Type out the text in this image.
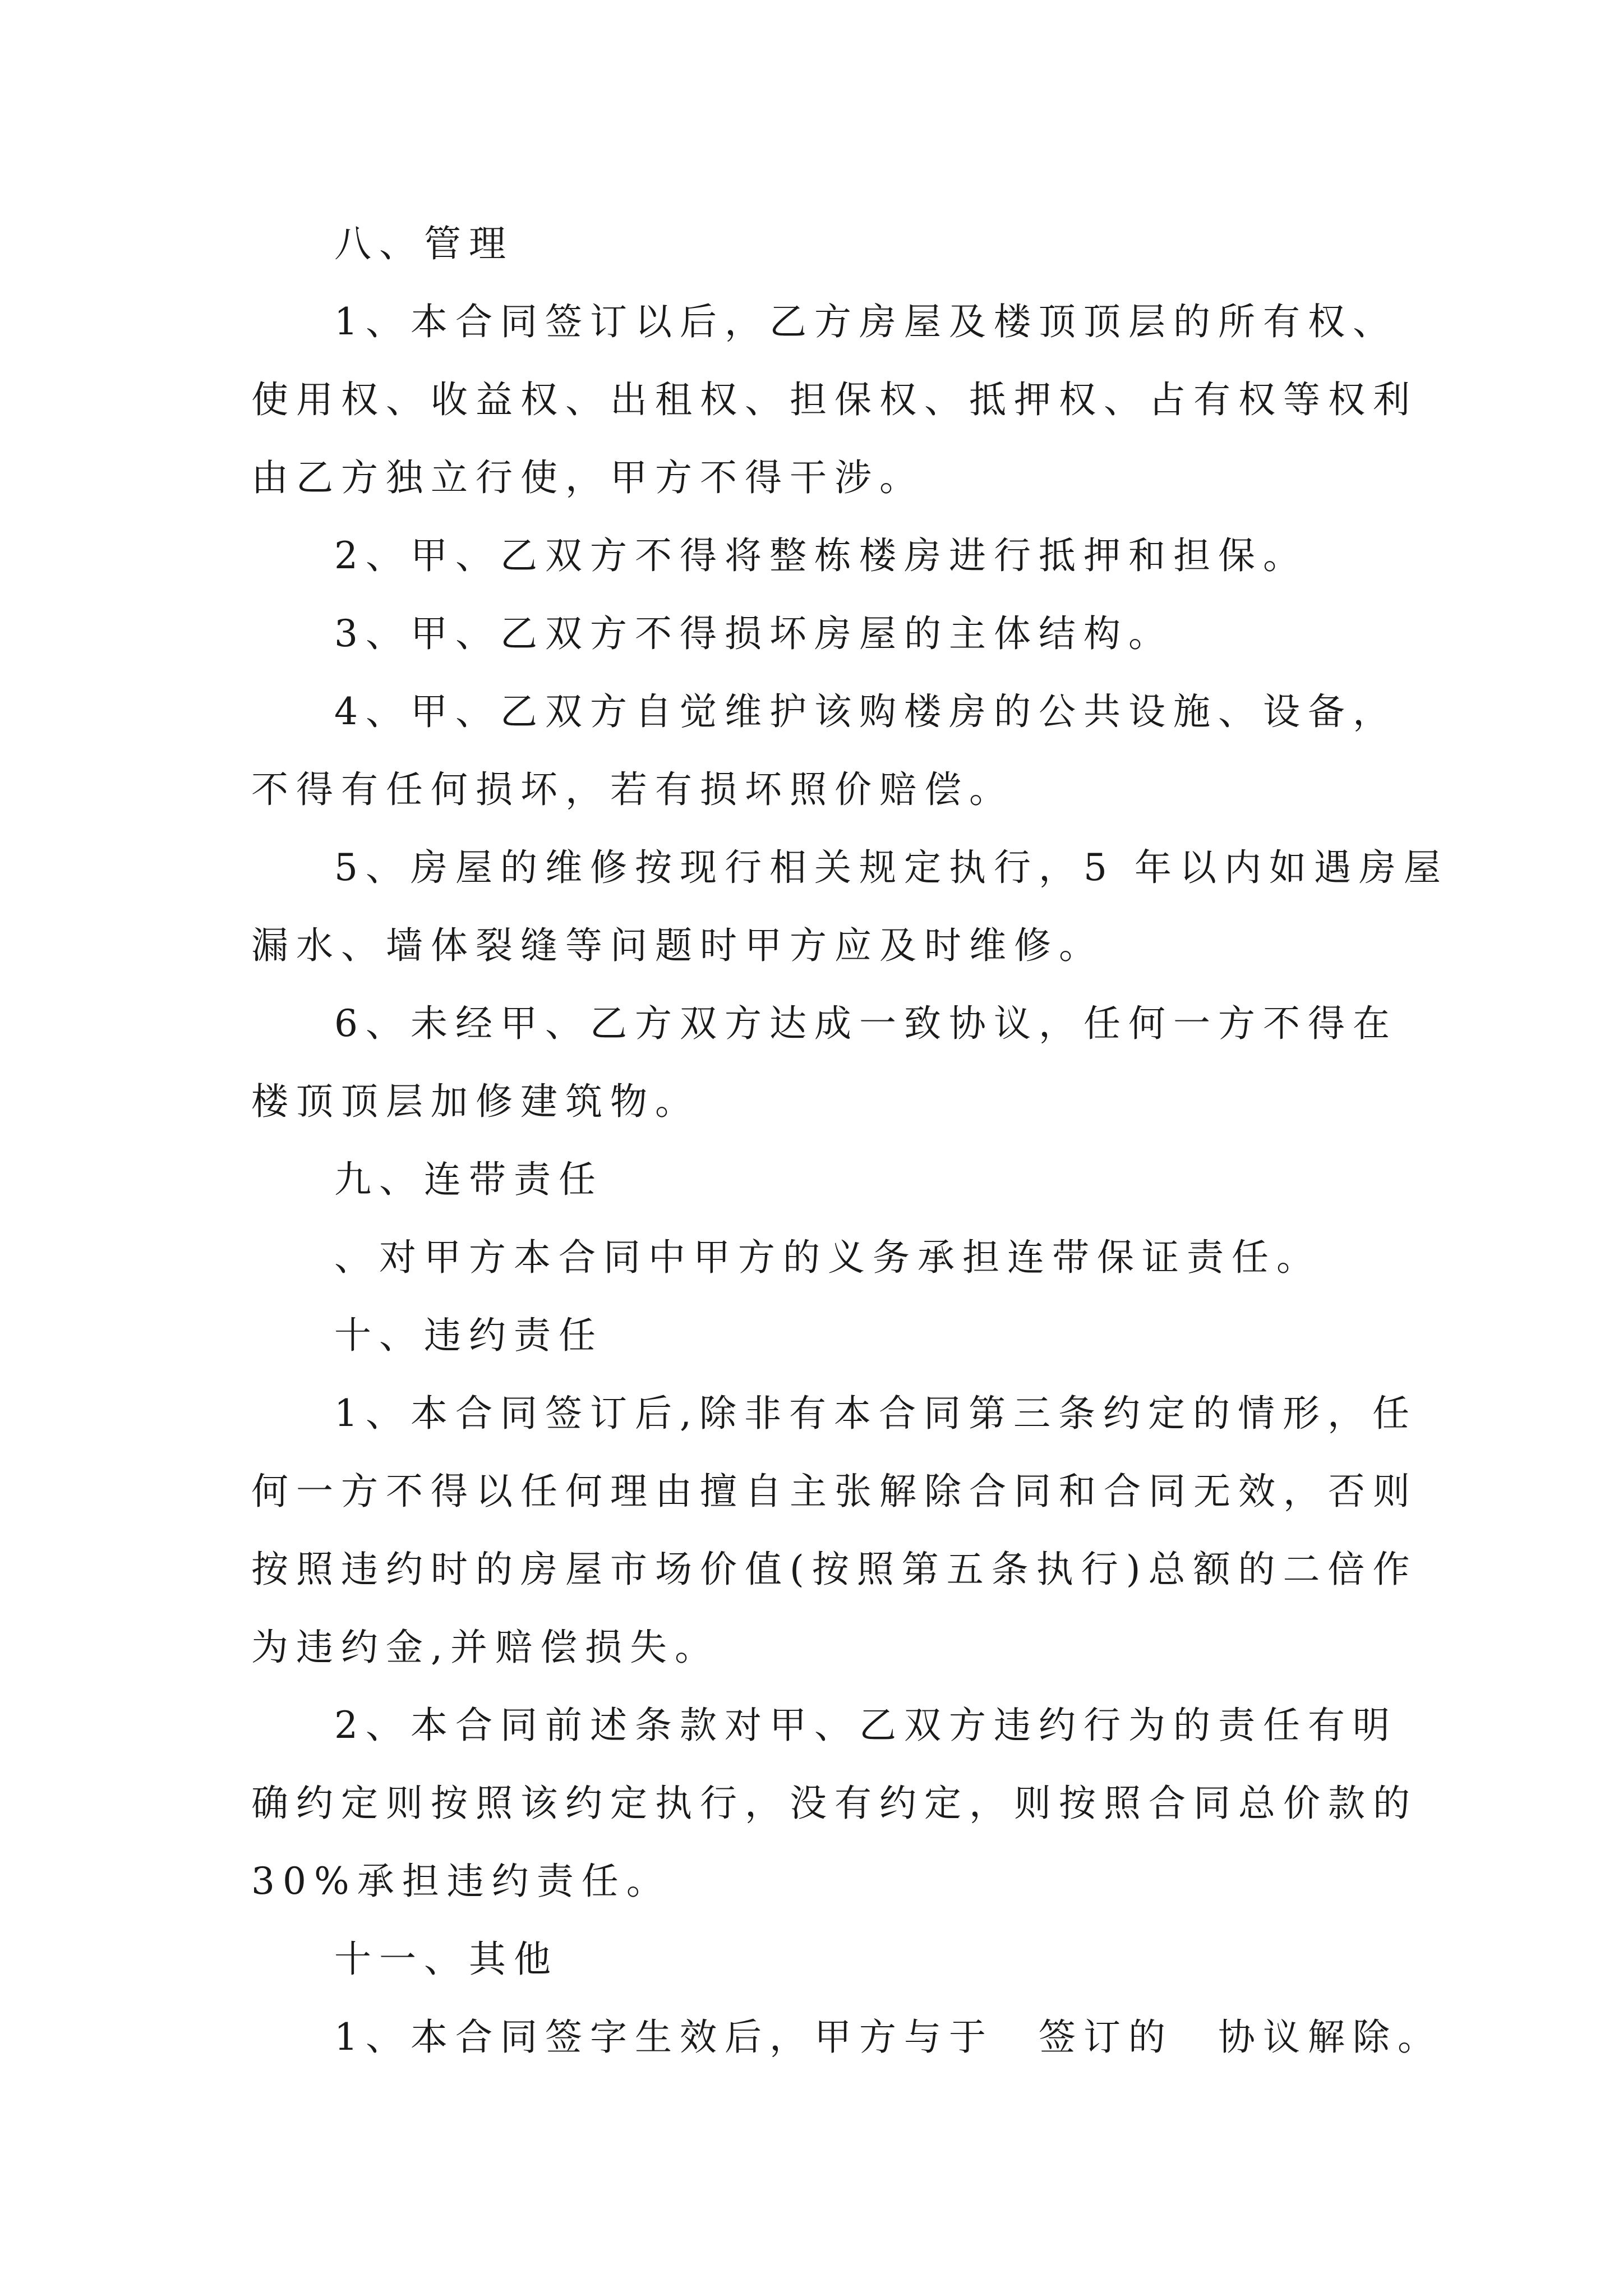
八、管理
1、本合同签订以后，乙方房屋及楼顶顶层的所有权、
使用权、收益权、出租权、担保权、抵押权、占有权等权利
由乙方独立行使，甲方不得干涉。
2、甲、乙双方不得将整栋楼房进行抵押和担保。
3、甲、乙双方不得损坏房屋的主体结构。
4、甲、乙双方自觉维护该购楼房的公共设施、设备，
不得有任何损坏，若有损坏照价赔偿。
5、房屋的维修按现行相关规定执行，5 年以内如遇房屋
漏水、墙体裂缝等问题时甲方应及时维修。
6、未经甲、乙方双方达成一致协议，任何一方不得在
楼顶顶层加修建筑物。
九、连带责任
、对甲方本合同中甲方的义务承担连带保证责任。
十、违约责任
1、本合同签订后,除非有本合同第三条约定的情形，任
何一方不得以任何理由擅自主张解除合同和合同无效，否则
按照违约时的房屋市场价值(按照第五条执行)总额的二倍作
为违约金,并赔偿损失。
2、本合同前述条款对甲、乙双方违约行为的责任有明
确约定则按照该约定执行，没有约定，则按照合同总价款的
30%承担违约责任。
十一、其他
1、本合同签字生效后，甲方与于　签订的　协议解除。
